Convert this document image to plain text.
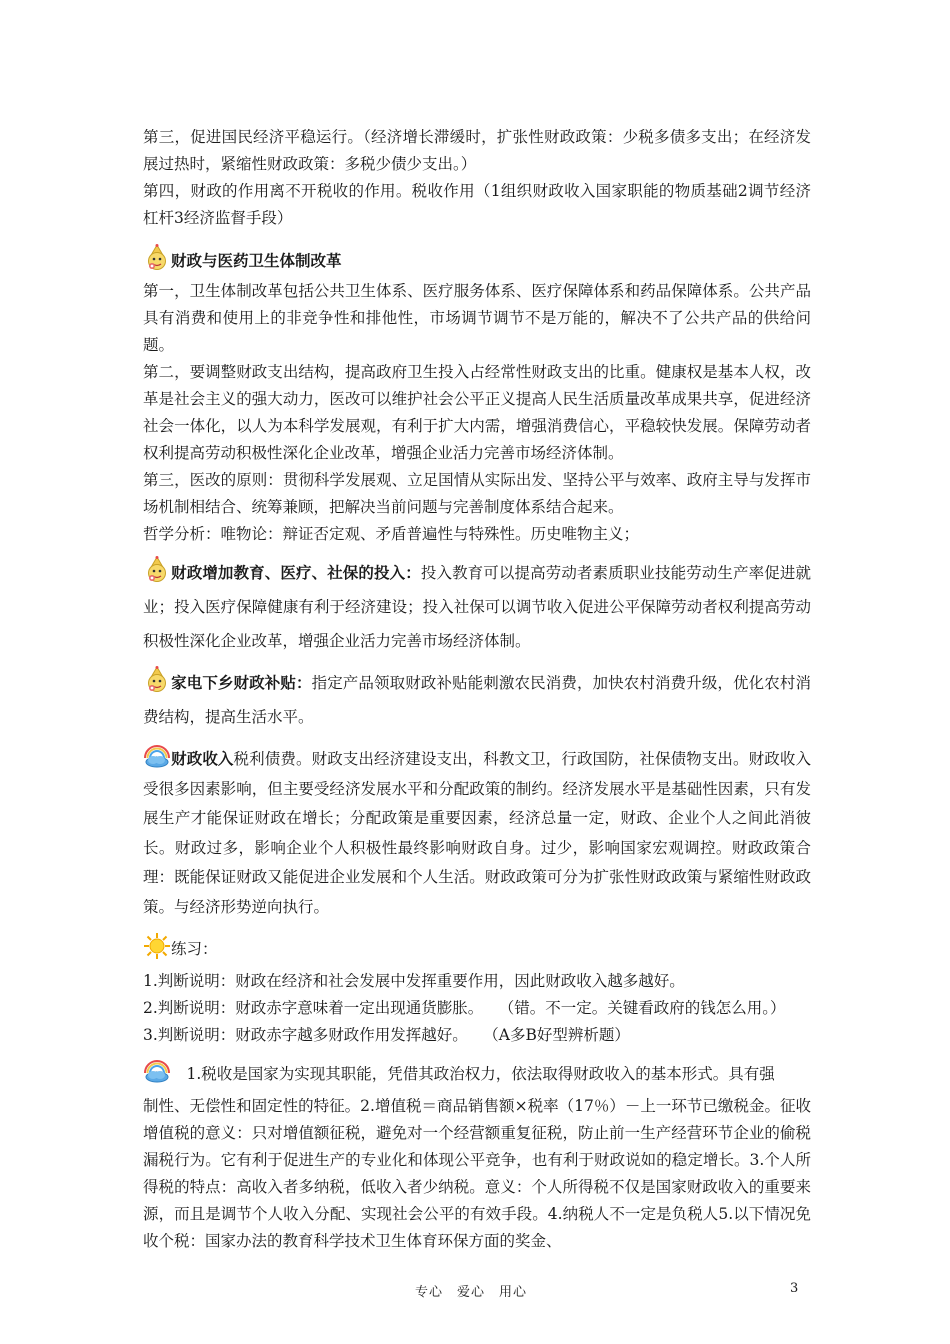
第三，促进国民经济平稳运行。（经济增长滞缓时，扩张性财政政策：少税多债多支出；在经济发展过热时，紧缩性财政政策：多税少债少支出。）

第四，财政的作用离不开税收的作用。税收作用（1组织财政收入国家职能的物质基础2调节经济杠杆3经济监督手段）

财政与医药卫生体制改革

第一，卫生体制改革包括公共卫生体系、医疗服务体系、医疗保障体系和药品保障体系。公共产品具有消费和使用上的非竞争性和排他性，市场调节调节不是万能的，解决不了公共产品的供给问题。

第二，要调整财政支出结构，提高政府卫生投入占经常性财政支出的比重。健康权是基本人权，改革是社会主义的强大动力，医改可以维护社会公平正义提高人民生活质量改革成果共享，促进经济社会一体化，以人为本科学发展观，有利于扩大内需，增强消费信心，平稳较快发展。保障劳动者权利提高劳动积极性深化企业改革，增强企业活力完善市场经济体制。

第三，医改的原则：贯彻科学发展观、立足国情从实际出发、坚持公平与效率、政府主导与发挥市场机制相结合、统筹兼顾，把解决当前问题与完善制度体系结合起来。

哲学分析：唯物论：辩证否定观、矛盾普遍性与特殊性。历史唯物主义；

财政增加教育、医疗、社保的投入：投入教育可以提高劳动者素质职业技能劳动生产率促进就业；投入医疗保障健康有利于经济建设；投入社保可以调节收入促进公平保障劳动者权利提高劳动积极性深化企业改革，增强企业活力完善市场经济体制。

家电下乡财政补贴：指定产品领取财政补贴能刺激农民消费，加快农村消费升级，优化农村消费结构，提高生活水平。

财政收入税利债费。财政支出经济建设支出，科教文卫，行政国防，社保债物支出。财政收入受很多因素影响，但主要受经济发展水平和分配政策的制约。经济发展水平是基础性因素，只有发展生产才能保证财政在增长；分配政策是重要因素，经济总量一定，财政、企业个人之间此消彼长。财政过多，影响企业个人积极性最终影响财政自身。过少，影响国家宏观调控。财政政策合理：既能保证财政又能促进企业发展和个人生活。财政政策可分为扩张性财政政策与紧缩性财政政策。与经济形势逆向执行。

练习：

1.判断说明：财政在经济和社会发展中发挥重要作用，因此财政收入越多越好。

2.判断说明：财政赤字意味着一定出现通货膨胀。　　（错。不一定。关键看政府的钱怎么用。）

3.判断说明：财政赤字越多财政作用发挥越好。　　（A多B好型辨析题）

　1.税收是国家为实现其职能，凭借其政治权力，依法取得财政收入的基本形式。具有强

制性、无偿性和固定性的特征。2.增值税＝商品销售额×税率（17％）－上一环节已缴税金。征收增值税的意义：只对增值额征税，避免对一个经营额重复征税，防止前一生产经营环节企业的偷税漏税行为。它有利于促进生产的专业化和体现公平竞争，也有利于财政说如的稳定增长。3.个人所得税的特点：高收入者多纳税，低收入者少纳税。意义：个人所得税不仅是国家财政收入的重要来源，而且是调节个人收入分配、实现社会公平的有效手段。4.纳税人不一定是负税人5.以下情况免收个税：国家办法的教育科学技术卫生体育环保方面的奖金、

专心　爱心　用心	3
